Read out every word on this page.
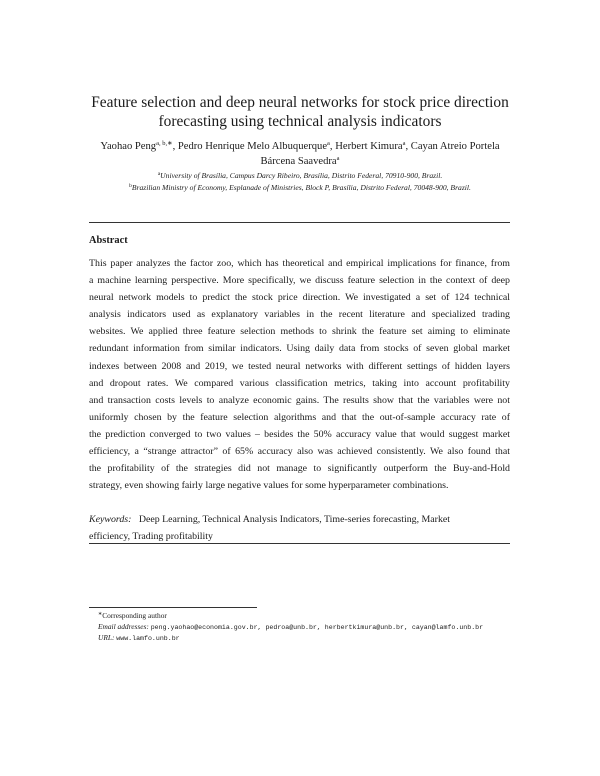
Feature selection and deep neural networks for stock price direction
forecasting using technical analysis indicators
Yaohao Peng$^{a, b,∗}$, Pedro Henrique Melo Albuquerque$^a$, Herbert Kimura$^a$, Cayan Atreio Portela
Bárcena Saavedra$^a$
$^a$University of Brasília, Campus Darcy Ribeiro, Brasília, Distrito Federal, 70910-900, Brazil.
$^b$Brazilian Ministry of Economy, Esplanade of Ministries, Block P, Brasília, Distrito Federal, 70048-900, Brazil.
Abstract
This paper analyzes the factor zoo, which has theoretical and empirical implications for finance, from
a machine learning perspective. More specifically, we discuss feature selection in the context of deep
neural network models to predict the stock price direction. We investigated a set of 124 technical
analysis indicators used as explanatory variables in the recent literature and specialized trading
websites. We applied three feature selection methods to shrink the feature set aiming to eliminate
redundant information from similar indicators. Using daily data from stocks of seven global market
indexes between 2008 and 2019, we tested neural networks with different settings of hidden layers
and dropout rates. We compared various classification metrics, taking into account profitability
and transaction costs levels to analyze economic gains. The results show that the variables were not
uniformly chosen by the feature selection algorithms and that the out-of-sample accuracy rate of
the prediction converged to two values – besides the 50% accuracy value that would suggest market
efficiency, a “strange attractor” of 65% accuracy also was achieved consistently. We also found that
the profitability of the strategies did not manage to significantly outperform the Buy-and-Hold
strategy, even showing fairly large negative values for some hyperparameter combinations.
Keywords: Deep Learning, Technical Analysis Indicators, Time-series forecasting, Market
efficiency, Trading profitability
∗Corresponding author
Email addresses: peng.yaohao@economia.gov.br, pedroa@unb.br, herbertkimura@unb.br, cayan@lamfo.unb.br
URL: www.lamfo.unb.br
